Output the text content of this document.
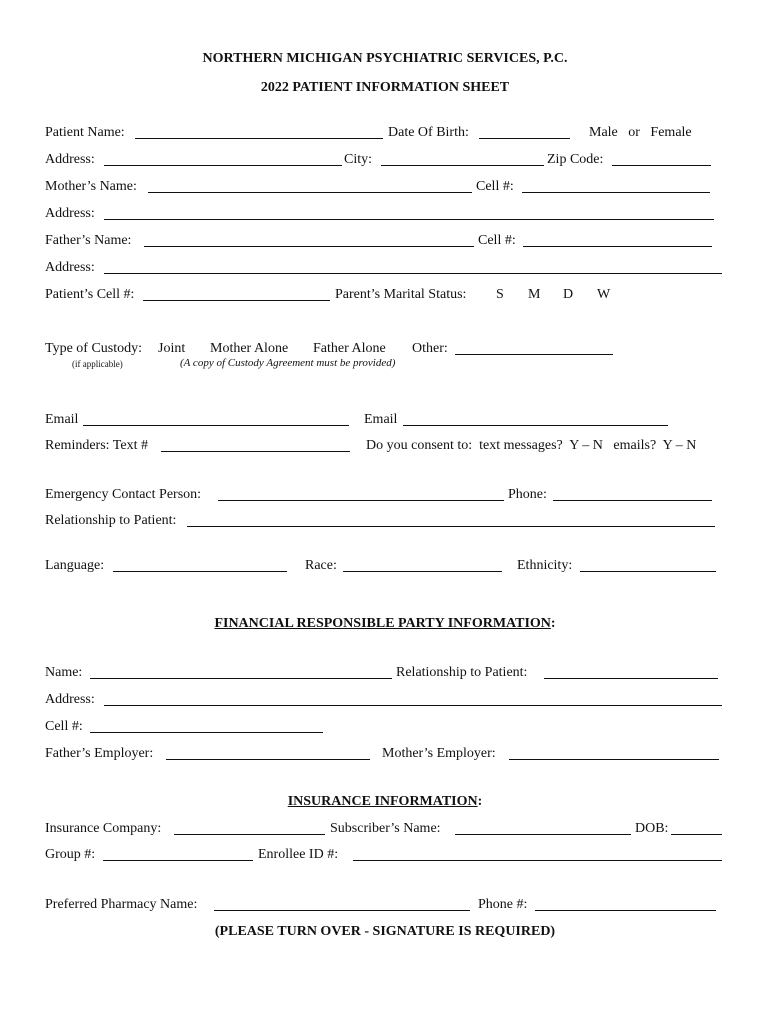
NORTHERN MICHIGAN PSYCHIATRIC SERVICES, P.C.
2022 PATIENT INFORMATION SHEET
Patient Name:	Date Of Birth:	Male   or   Female
Address:	City:	Zip Code:
Mother’s Name:	Cell #:
Address:
Father’s Name:	Cell #:
Address:
Patient’s Cell #:	Parent’s Marital Status: S M D W
Type of Custody: Joint Mother Alone Father Alone Other:
(if applicable)	(A copy of Custody Agreement must be provided)
Email	Email
Reminders: Text #	Do you consent to:  text messages?  Y – N   emails?  Y – N
Emergency Contact Person:	Phone:
Relationship to Patient:
Language:	Race:	Ethnicity:
FINANCIAL RESPONSIBLE PARTY INFORMATION:
Name:	Relationship to Patient:
Address:
Cell #:
Father’s Employer:	Mother’s Employer:
INSURANCE INFORMATION:
Insurance Company:	Subscriber’s Name:	DOB:
Group #:	Enrollee ID #:
Preferred Pharmacy Name:	Phone #:
(PLEASE TURN OVER - SIGNATURE IS REQUIRED)
